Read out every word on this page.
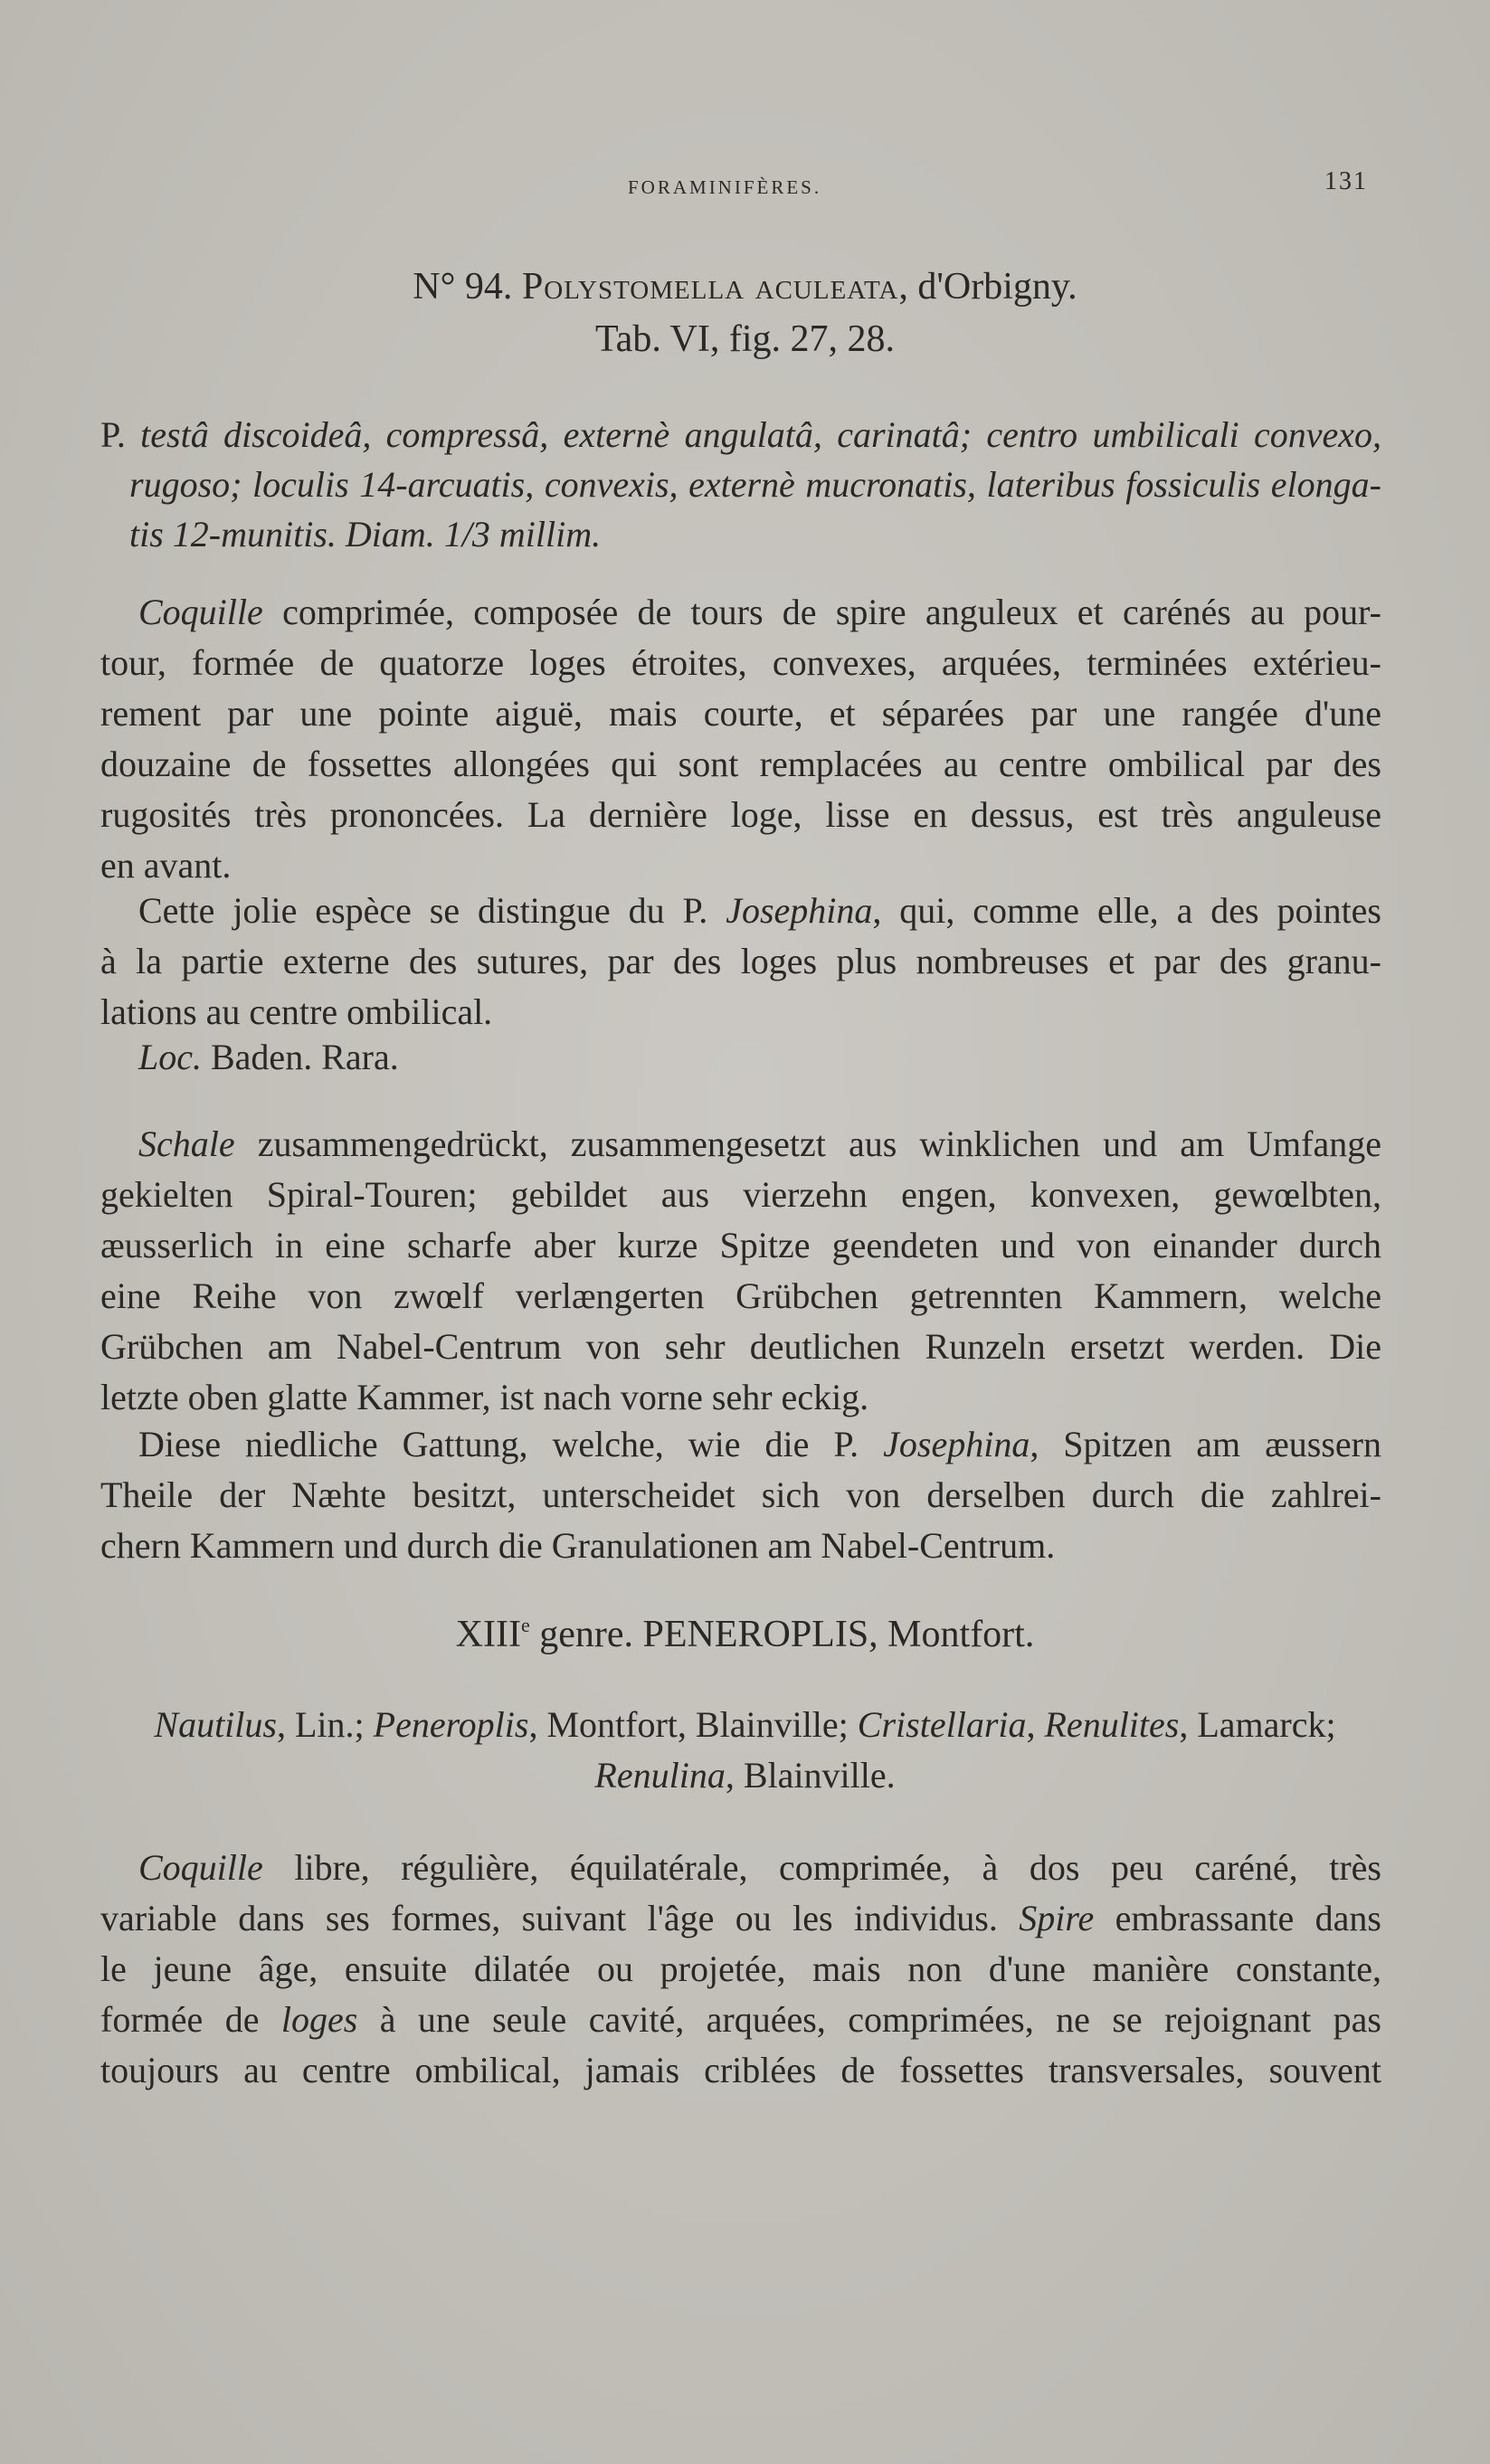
FORAMINIFÈRES.	131
N° 94. Polystomella aculeata, d'Orbigny.
Tab. VI, fig. 27, 28.
P. testâ discoideâ, compressâ, externè angulatâ, carinatâ; centro umbilicali convexo,
rugoso; loculis 14-arcuatis, convexis, externè mucronatis, lateribus fossiculis elonga-
tis 12-munitis. Diam. 1/3 millim.
Coquille comprimée, composée de tours de spire anguleux et carénés au pour-
tour, formée de quatorze loges étroites, convexes, arquées, terminées extérieu-
rement par une pointe aiguë, mais courte, et séparées par une rangée d'une
douzaine de fossettes allongées qui sont remplacées au centre ombilical par des
rugosités très prononcées. La dernière loge, lisse en dessus, est très anguleuse
en avant.
Cette jolie espèce se distingue du P. Josephina, qui, comme elle, a des pointes
à la partie externe des sutures, par des loges plus nombreuses et par des granu-
lations au centre ombilical.
Loc. Baden. Rara.
Schale zusammengedrückt, zusammengesetzt aus winklichen und am Umfange
gekielten Spiral-Touren; gebildet aus vierzehn engen, konvexen, gewœlbten,
æusserlich in eine scharfe aber kurze Spitze geendeten und von einander durch
eine Reihe von zwœlf verlængerten Grübchen getrennten Kammern, welche
Grübchen am Nabel-Centrum von sehr deutlichen Runzeln ersetzt werden. Die
letzte oben glatte Kammer, ist nach vorne sehr eckig.
Diese niedliche Gattung, welche, wie die P. Josephina, Spitzen am æussern
Theile der Næhte besitzt, unterscheidet sich von derselben durch die zahlrei-
chern Kammern und durch die Granulationen am Nabel-Centrum.
XIIIe genre. PENEROPLIS, Montfort.
Nautilus, Lin.; Peneroplis, Montfort, Blainville; Cristellaria, Renulites, Lamarck;
Renulina, Blainville.
Coquille libre, régulière, équilatérale, comprimée, à dos peu caréné, très
variable dans ses formes, suivant l'âge ou les individus. Spire embrassante dans
le jeune âge, ensuite dilatée ou projetée, mais non d'une manière constante,
formée de loges à une seule cavité, arquées, comprimées, ne se rejoignant pas
toujours au centre ombilical, jamais criblées de fossettes transversales, souvent
